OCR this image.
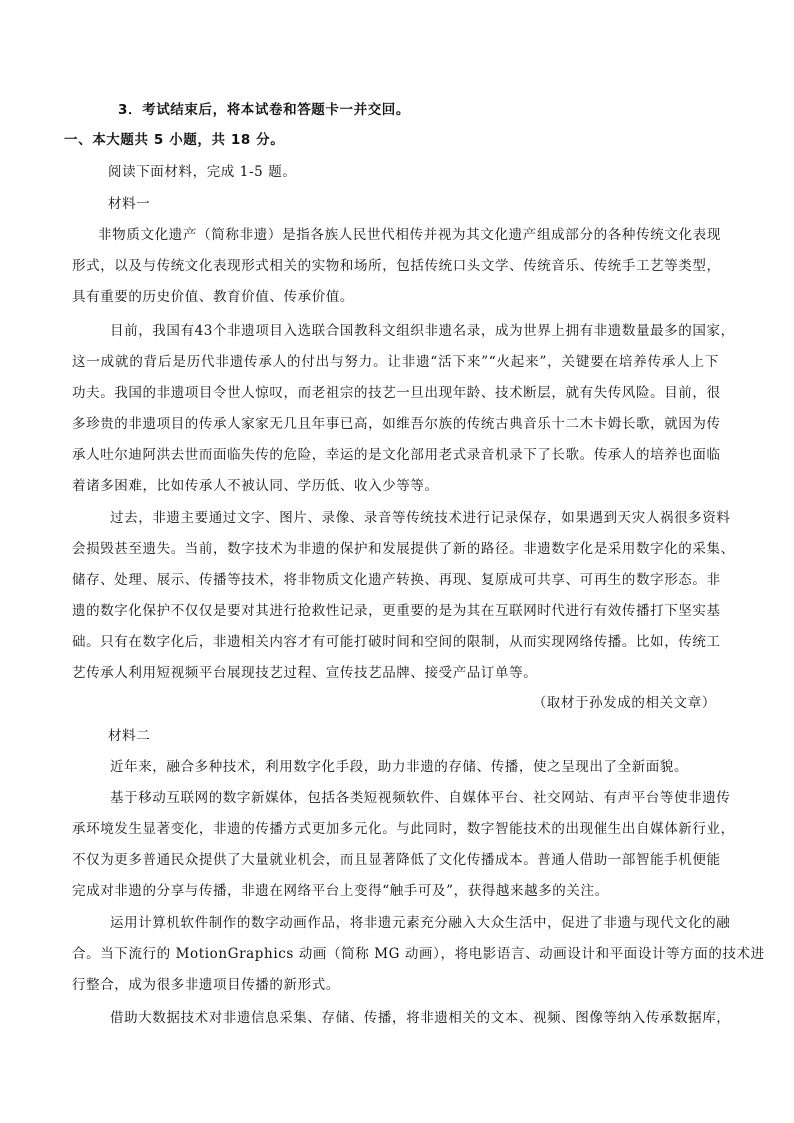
3．考试结束后，将本试卷和答题卡一并交回。
一、本大题共 5 小题，共 18 分。
阅读下面材料，完成 1-5 题。
材料一
非物质文化遗产（简称非遗）是指各族人民世代相传并视为其文化遗产组成部分的各种传统文化表现
形式，以及与传统文化表现形式相关的实物和场所，包括传统口头文学、传统音乐、传统手工艺等类型，
具有重要的历史价值、教育价值、传承价值。
目前，我国有43个非遗项目入选联合国教科文组织非遗名录，成为世界上拥有非遗数量最多的国家，
这一成就的背后是历代非遗传承人的付出与努力。让非遗“活下来”“火起来”，关键要在培养传承人上下
功夫。我国的非遗项目令世人惊叹，而老祖宗的技艺一旦出现年龄、技术断层，就有失传风险。目前，很
多珍贵的非遗项目的传承人家家无几且年事已高，如维吾尔族的传统古典音乐十二木卡姆长歌，就因为传
承人吐尔迪阿洪去世而面临失传的危险，幸运的是文化部用老式录音机录下了长歌。传承人的培养也面临
着诸多困难，比如传承人不被认同、学历低、收入少等等。
过去，非遗主要通过文字、图片、录像、录音等传统技术进行记录保存，如果遇到天灾人祸很多资料
会损毁甚至遗失。当前，数字技术为非遗的保护和发展提供了新的路径。非遗数字化是采用数字化的采集、
储存、处理、展示、传播等技术，将非物质文化遗产转换、再现、复原成可共享、可再生的数字形态。非
遗的数字化保护不仅仅是要对其进行抢救性记录，更重要的是为其在互联网时代进行有效传播打下坚实基
础。只有在数字化后，非遗相关内容才有可能打破时间和空间的限制，从而实现网络传播。比如，传统工
艺传承人利用短视频平台展现技艺过程、宣传技艺品牌、接受产品订单等。
（取材于孙发成的相关文章）
材料二
近年来，融合多种技术，利用数字化手段，助力非遗的存储、传播，使之呈现出了全新面貌。
基于移动互联网的数字新媒体，包括各类短视频软件、自媒体平台、社交网站、有声平台等使非遗传
承环境发生显著变化，非遗的传播方式更加多元化。与此同时，数字智能技术的出现催生出自媒体新行业，
不仅为更多普通民众提供了大量就业机会，而且显著降低了文化传播成本。普通人借助一部智能手机便能
完成对非遗的分享与传播，非遗在网络平台上变得“触手可及”，获得越来越多的关注。
运用计算机软件制作的数字动画作品，将非遗元素充分融入大众生活中，促进了非遗与现代文化的融
合。当下流行的 MotionGraphics 动画（简称 MG 动画），将电影语言、动画设计和平面设计等方面的技术进
行整合，成为很多非遗项目传播的新形式。
借助大数据技术对非遗信息采集、存储、传播，将非遗相关的文本、视频、图像等纳入传承数据库，
